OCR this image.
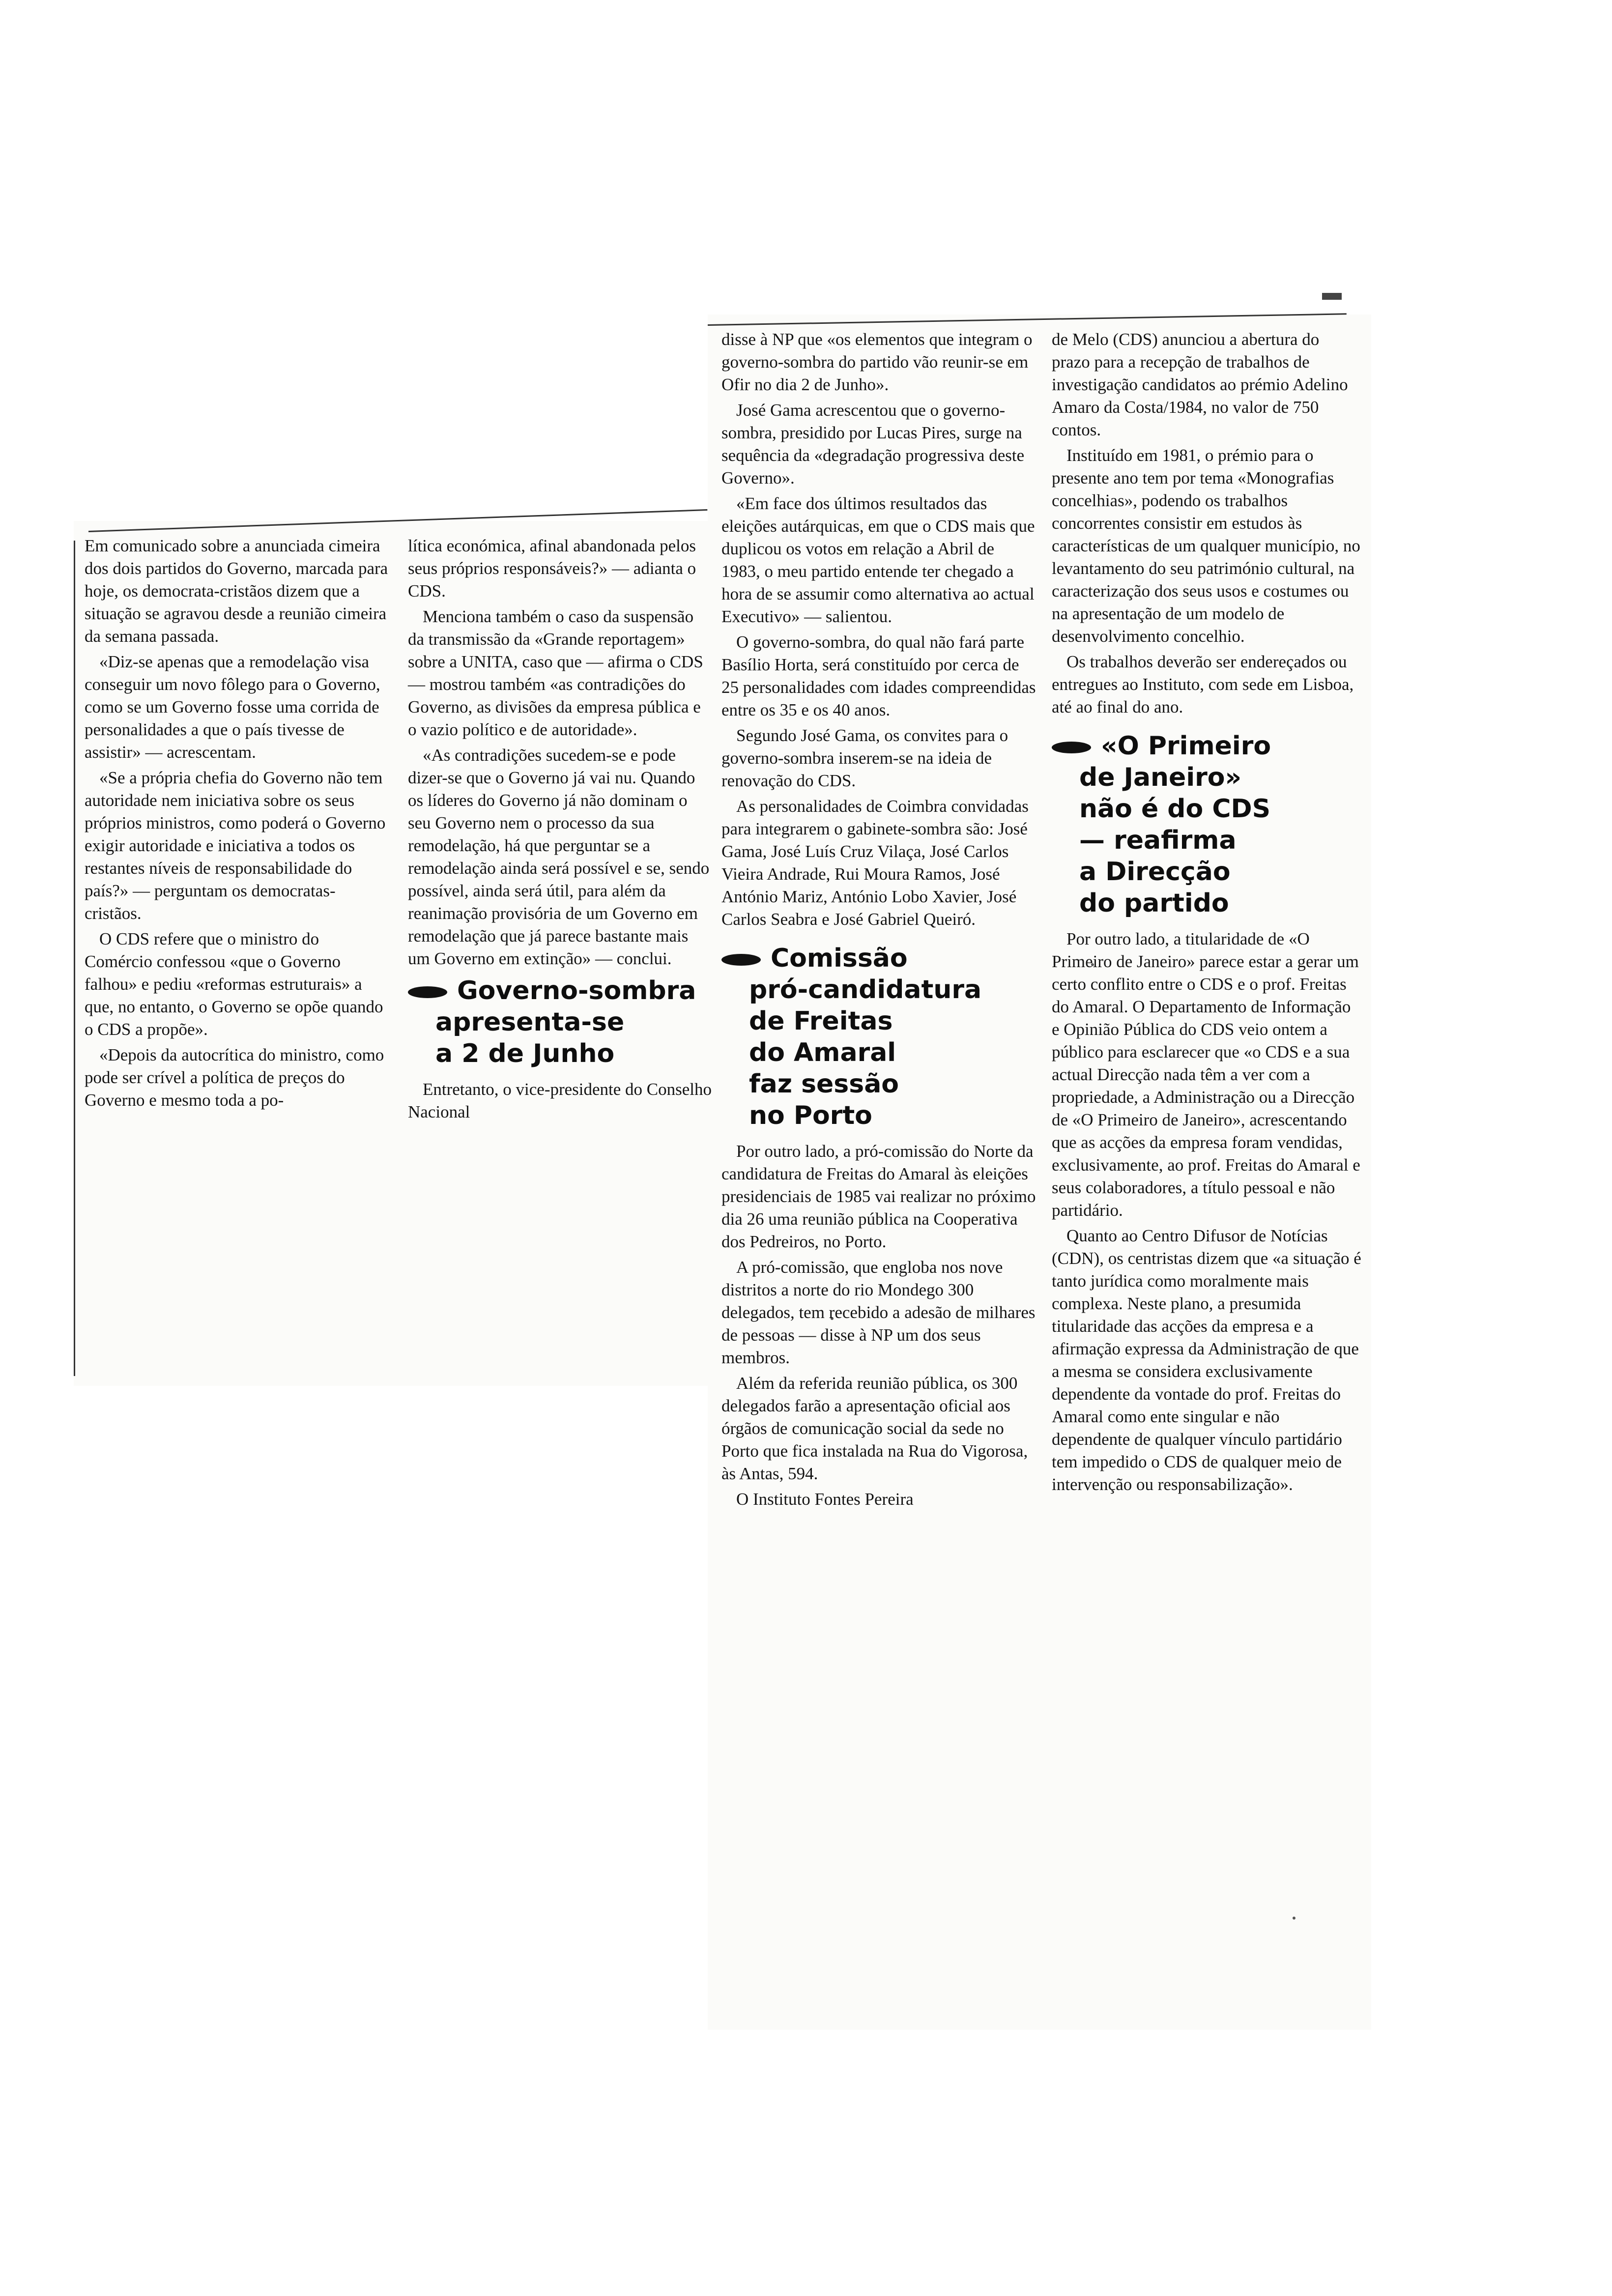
Em comunicado sobre a anunciada cimeira dos dois partidos do Governo, marcada para hoje, os democrata-cristãos dizem que a situação se agravou desde a reunião cimeira da semana passada.

«Diz-se apenas que a remodelação visa conseguir um novo fôlego para o Governo, como se um Governo fosse uma corrida de personalidades a que o país tivesse de assistir» — acrescentam.

«Se a própria chefia do Governo não tem autoridade nem iniciativa sobre os seus próprios ministros, como poderá o Governo exigir autoridade e iniciativa a todos os restantes níveis de responsabilidade do país?» — perguntam os democratas-cristãos.

O CDS refere que o ministro do Comércio confessou «que o Governo falhou» e pediu «reformas estruturais» a que, no entanto, o Governo se opõe quando o CDS a propõe».

«Depois da autocrítica do ministro, como pode ser crível a política de preços do Governo e mesmo toda a po-

lítica económica, afinal abandonada pelos seus próprios responsáveis?» — adianta o CDS.

Menciona também o caso da suspensão da transmissão da «Grande reportagem» sobre a UNITA, caso que — afirma o CDS — mostrou também «as contradições do Governo, as divisões da empresa pública e o vazio político e de autoridade».

«As contradições sucedem-se e pode dizer-se que o Governo já vai nu. Quando os líderes do Governo já não dominam o seu Governo nem o processo da sua remodelação, há que perguntar se a remodelação ainda será possível e se, sendo possível, ainda será útil, para além da reanimação provisória de um Governo em remodelação que já parece bastante mais um Governo em extinção» — conclui.

Governo-sombra
apresenta-se
a 2 de Junho

Entretanto, o vice-presidente do Conselho Nacional

disse à NP que «os elementos que integram o governo-sombra do partido vão reunir-se em Ofir no dia 2 de Junho».

José Gama acrescentou que o governo-sombra, presidido por Lucas Pires, surge na sequência da «degradação progressiva deste Governo».

«Em face dos últimos resultados das eleições autárquicas, em que o CDS mais que duplicou os votos em relação a Abril de 1983, o meu partido entende ter chegado a hora de se assumir como alternativa ao actual Executivo» — salientou.

O governo-sombra, do qual não fará parte Basílio Horta, será constituído por cerca de 25 personalidades com idades compreendidas entre os 35 e os 40 anos.

Segundo José Gama, os convites para o governo-sombra inserem-se na ideia de renovação do CDS.

As personalidades de Coimbra convidadas para integrarem o gabinete-sombra são: José Gama, José Luís Cruz Vilaça, José Carlos Vieira Andrade, Rui Moura Ramos, José António Mariz, António Lobo Xavier, José Carlos Seabra e José Gabriel Queiró.

Comissão
pró-candidatura
de Freitas
do Amaral
faz sessão
no Porto

Por outro lado, a pró-comissão do Norte da candidatura de Freitas do Amaral às eleições presidenciais de 1985 vai realizar no próximo dia 26 uma reunião pública na Cooperativa dos Pedreiros, no Porto.

A pró-comissão, que engloba nos nove distritos a norte do rio Mondego 300 delegados, tem recebido a adesão de milhares de pessoas — disse à NP um dos seus membros.

Além da referida reunião pública, os 300 delegados farão a apresentação oficial aos órgãos de comunicação social da sede no Porto que fica instalada na Rua do Vigorosa, às Antas, 594.

O Instituto Fontes Pereira

de Melo (CDS) anunciou a abertura do prazo para a recepção de trabalhos de investigação candidatos ao prémio Adelino Amaro da Costa/1984, no valor de 750 contos.

Instituído em 1981, o prémio para o presente ano tem por tema «Monografias concelhias», podendo os trabalhos concorrentes consistir em estudos às características de um qualquer município, no levantamento do seu património cultural, na caracterização dos seus usos e costumes ou na apresentação de um modelo de desenvolvimento concelhio.

Os trabalhos deverão ser endereçados ou entregues ao Instituto, com sede em Lisboa, até ao final do ano.

«O Primeiro
de Janeiro»
não é do CDS
— reafirma
a Direcção
do partido

Por outro lado, a titularidade de «O Primeiro de Janeiro» parece estar a gerar um certo conflito entre o CDS e o prof. Freitas do Amaral. O Departamento de Informação e Opinião Pública do CDS veio ontem a público para esclarecer que «o CDS e a sua actual Direcção nada têm a ver com a propriedade, a Administração ou a Direcção de «O Primeiro de Janeiro», acrescentando que as acções da empresa foram vendidas, exclusivamente, ao prof. Freitas do Amaral e seus colaboradores, a título pessoal e não partidário.

Quanto ao Centro Difusor de Notícias (CDN), os centristas dizem que «a situação é tanto jurídica como moralmente mais complexa. Neste plano, a presumida titularidade das acções da empresa e a afirmação expressa da Administração de que a mesma se considera exclusivamente dependente da vontade do prof. Freitas do Amaral como ente singular e não dependente de qualquer vínculo partidário tem impedido o CDS de qualquer meio de intervenção ou responsabilização».
